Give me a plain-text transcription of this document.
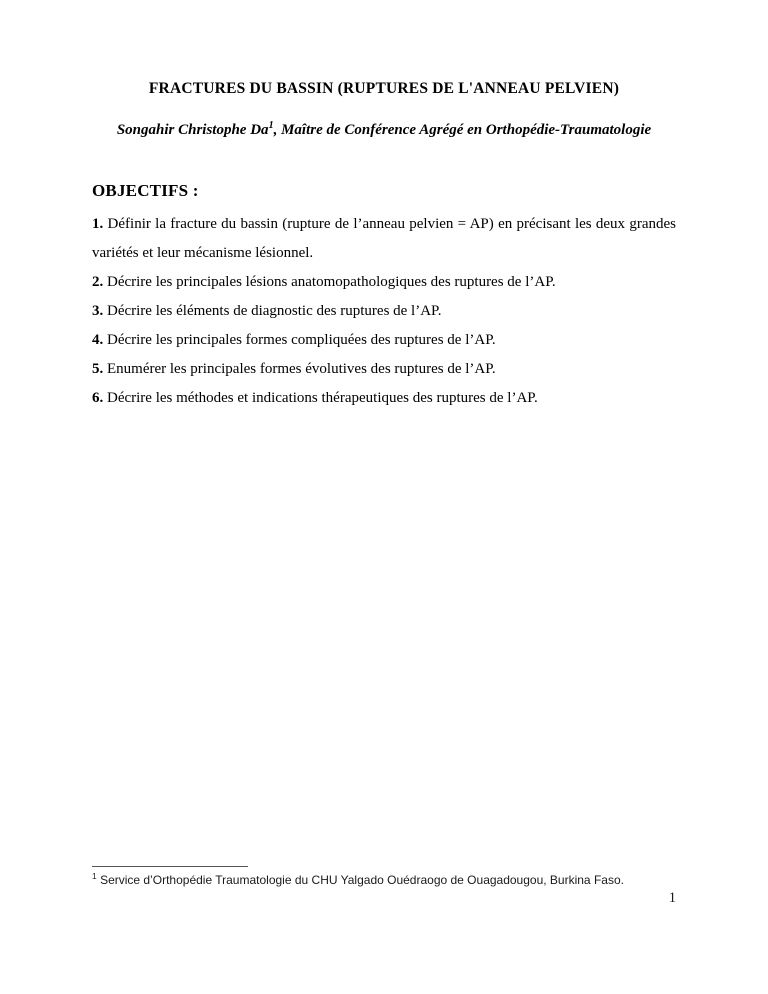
FRACTURES DU BASSIN (RUPTURES DE L'ANNEAU PELVIEN)

Songahir Christophe Da$^1$, Maître de Conférence Agrégé en Orthopédie-Traumatologie

OBJECTIFS :
1. Définir la fracture du bassin (rupture de l’anneau pelvien = AP) en précisant les deux grandes variétés et leur mécanisme lésionnel.
2. Décrire les principales lésions anatomopathologiques des ruptures de l’AP.
3. Décrire les éléments de diagnostic des ruptures de l’AP.
4. Décrire les principales formes compliquées des ruptures de l’AP.
5. Enumérer les principales formes évolutives des ruptures de l’AP.
6. Décrire les méthodes et indications thérapeutiques des ruptures de l’AP.
$^1$ Service d’Orthopédie Traumatologie du CHU Yalgado Ouédraogo de Ouagadougou, Burkina Faso.
1
